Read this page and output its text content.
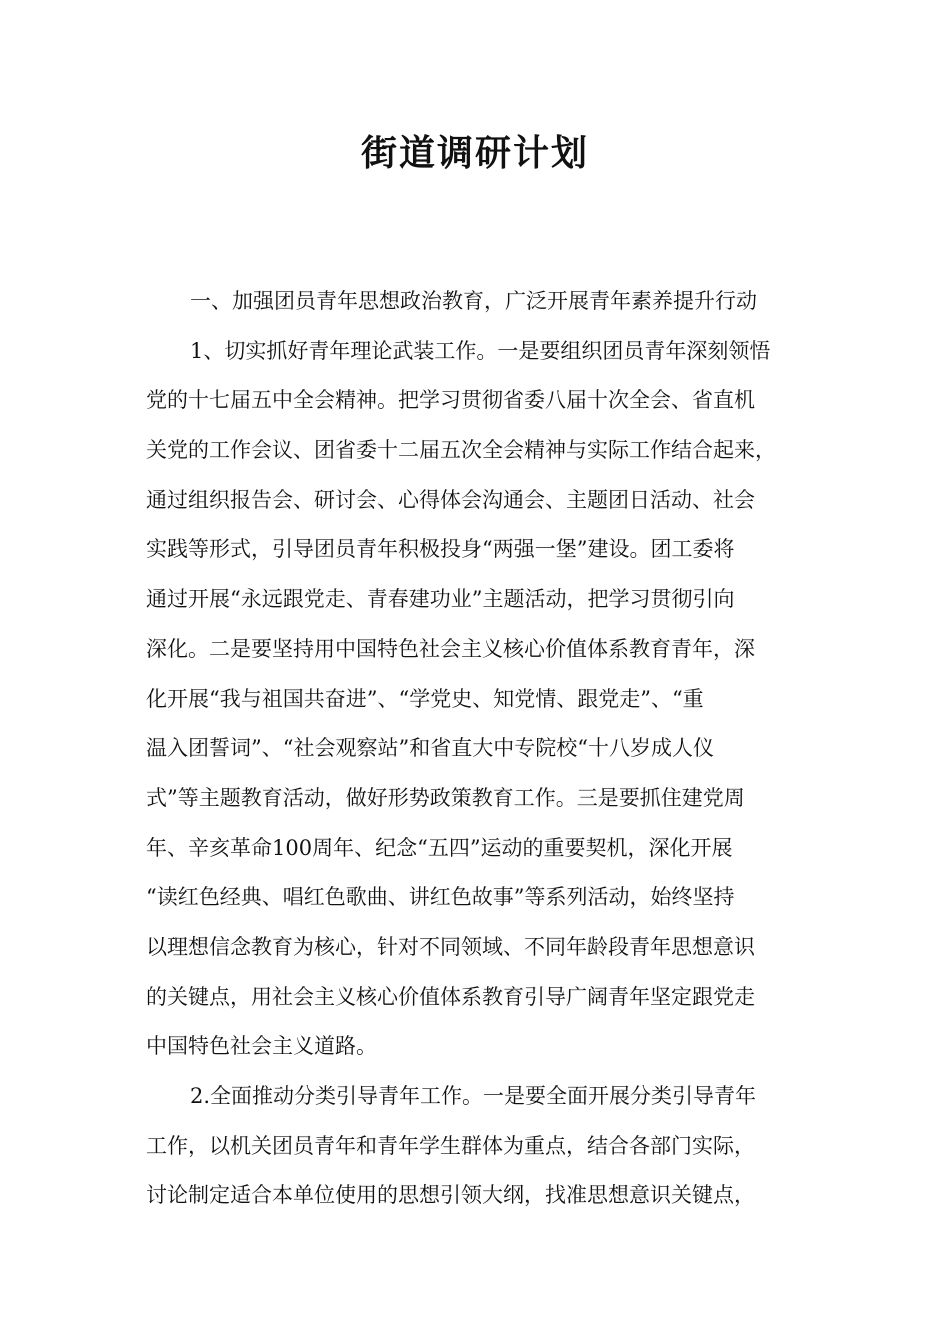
街道调研计划
一、加强团员青年思想政治教育，广泛开展青年素养提升行动
1、切实抓好青年理论武装工作。一是要组织团员青年深刻领悟
党的十七届五中全会精神。把学习贯彻省委八届十次全会、省直机
关党的工作会议、团省委十二届五次全会精神与实际工作结合起来，
通过组织报告会、研讨会、心得体会沟通会、主题团日活动、社会
实践等形式，引导团员青年积极投身“两强一堡”建设。团工委将
通过开展“永远跟党走、青春建功业”主题活动，把学习贯彻引向
深化。二是要坚持用中国特色社会主义核心价值体系教育青年，深
化开展“我与祖国共奋进”、“学党史、知党情、跟党走”、“重
温入团誓词”、“社会观察站”和省直大中专院校“十八岁成人仪
式”等主题教育活动，做好形势政策教育工作。三是要抓住建党周
年、辛亥革命100周年、纪念“五四”运动的重要契机，深化开展
“读红色经典、唱红色歌曲、讲红色故事”等系列活动，始终坚持
以理想信念教育为核心，针对不同领域、不同年龄段青年思想意识
的关键点，用社会主义核心价值体系教育引导广阔青年坚定跟党走
中国特色社会主义道路。
2.全面推动分类引导青年工作。一是要全面开展分类引导青年
工作，以机关团员青年和青年学生群体为重点，结合各部门实际，
讨论制定适合本单位使用的思想引领大纲，找准思想意识关键点，
